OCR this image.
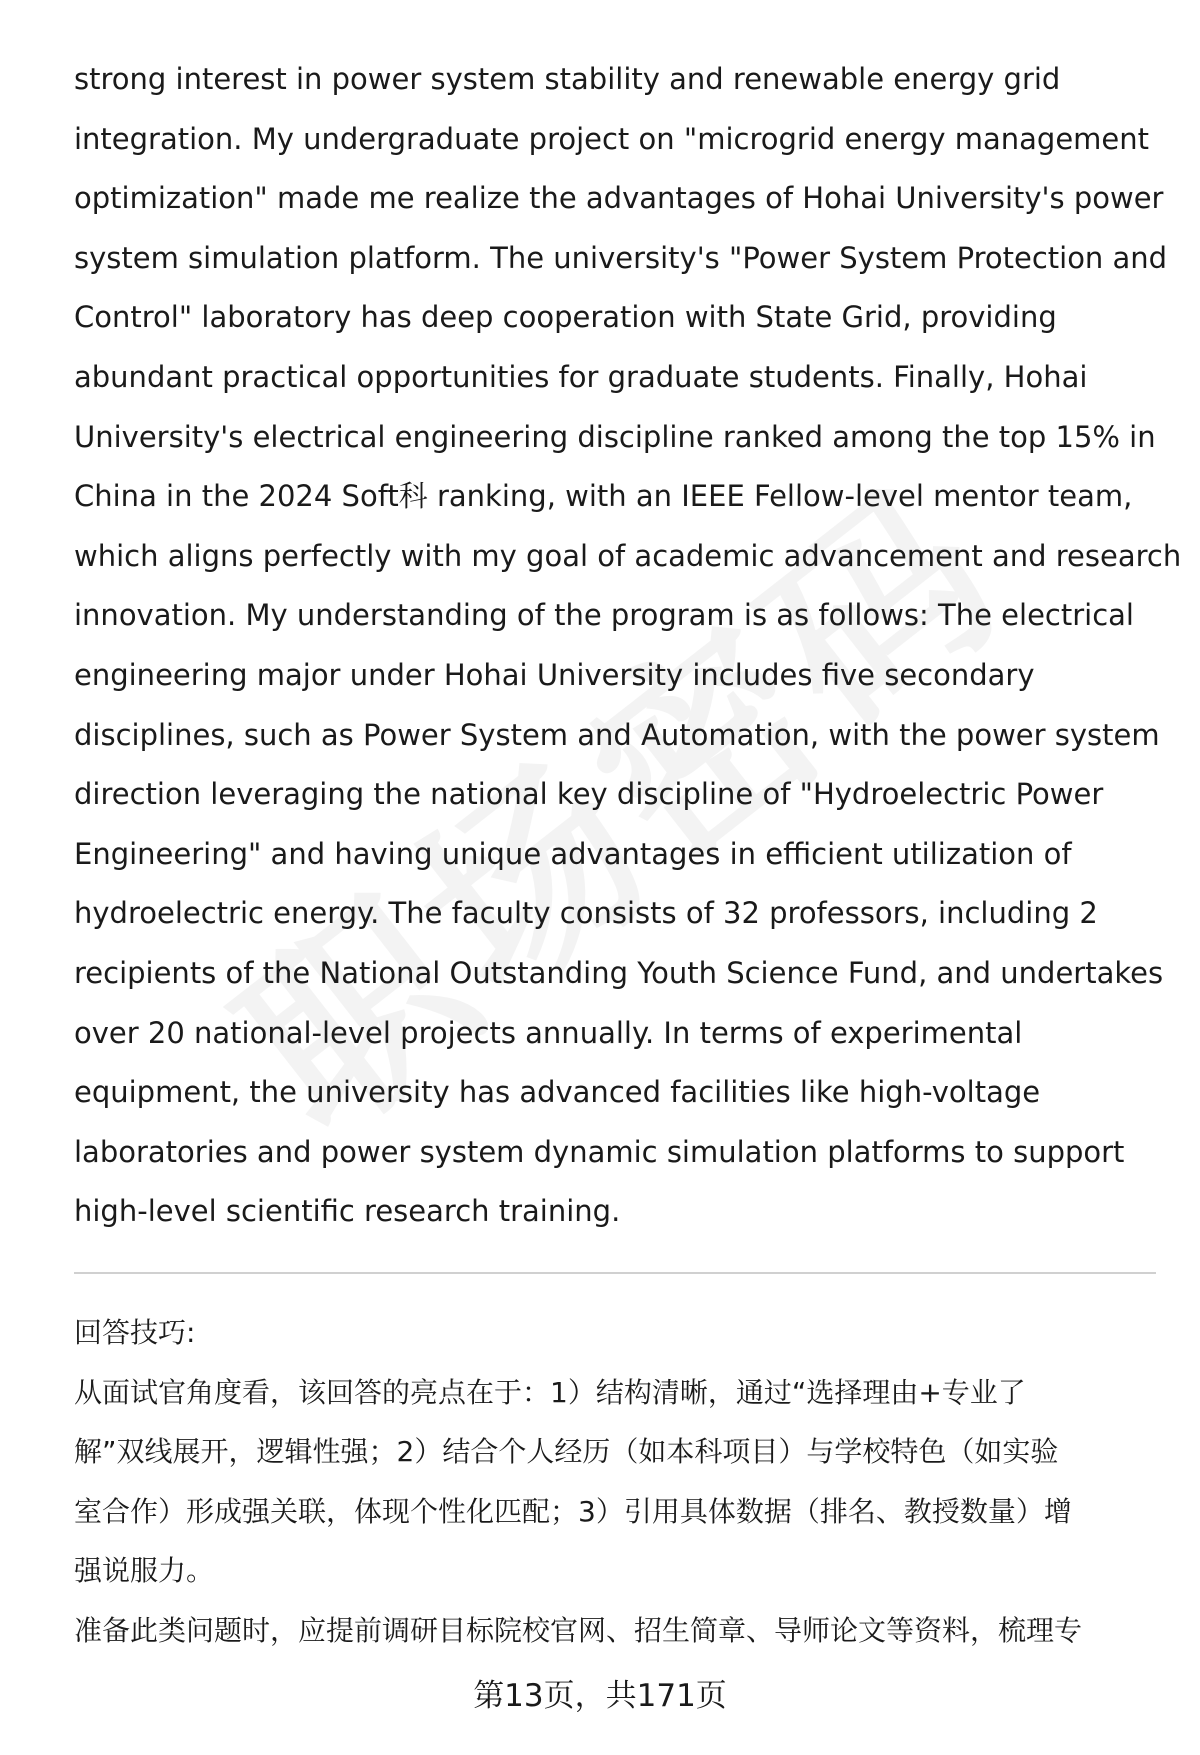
strong interest in power system stability and renewable energy grid
integration. My undergraduate project on "microgrid energy management
optimization" made me realize the advantages of Hohai University's power
system simulation platform. The university's "Power System Protection and
Control" laboratory has deep cooperation with State Grid, providing
abundant practical opportunities for graduate students. Finally, Hohai
University's electrical engineering discipline ranked among the top 15% in
China in the 2024 Soft科 ranking, with an IEEE Fellow-level mentor team,
which aligns perfectly with my goal of academic advancement and research
innovation. My understanding of the program is as follows: The electrical
engineering major under Hohai University includes five secondary
disciplines, such as Power System and Automation, with the power system
direction leveraging the national key discipline of "Hydroelectric Power
Engineering" and having unique advantages in efficient utilization of
hydroelectric energy. The faculty consists of 32 professors, including 2
recipients of the National Outstanding Youth Science Fund, and undertakes
over 20 national-level projects annually. In terms of experimental
equipment, the university has advanced facilities like high-voltage
laboratories and power system dynamic simulation platforms to support
high-level scientific research training.
回答技巧:
从面试官角度看，该回答的亮点在于：1）结构清晰，通过“选择理由+专业了
解”双线展开，逻辑性强；2）结合个人经历（如本科项目）与学校特色（如实验
室合作）形成强关联，体现个性化匹配；3）引用具体数据（排名、教授数量）增
强说服力。
准备此类问题时，应提前调研目标院校官网、招生简章、导师论文等资料，梳理专
第13页，共171页
